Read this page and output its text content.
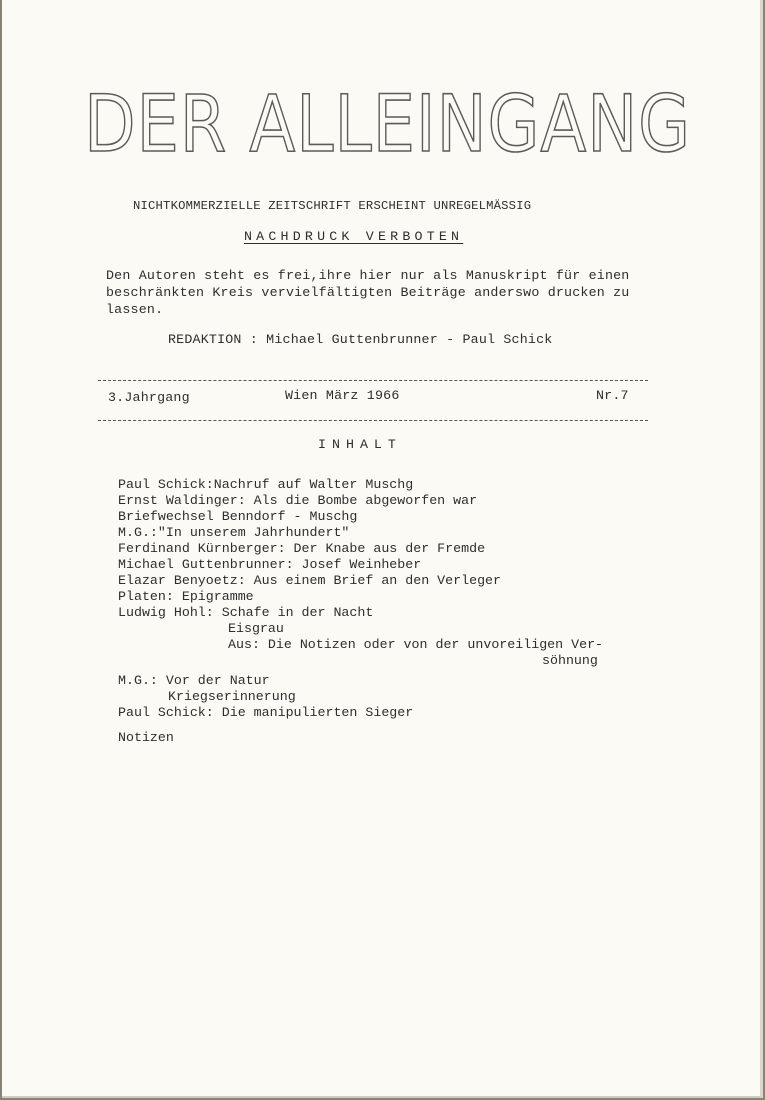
DER ALLEINGANG
NICHTKOMMERZIELLE ZEITSCHRIFT ERSCHEINT UNREGELMÄSSIG
NACHDRUCK VERBOTEN
Den Autoren steht es frei,ihre hier nur als Manuskript für einen
beschränkten Kreis vervielfältigten Beiträge anderswo drucken zu
lassen.
REDAKTION : Michael Guttenbrunner - Paul Schick
3.Jahrgang	Wien März 1966	Nr.7
INHALT
Paul Schick:Nachruf auf Walter Muschg
Ernst Waldinger: Als die Bombe abgeworfen war
Briefwechsel Benndorf - Muschg
M.G.:"In unserem Jahrhundert"
Ferdinand Kürnberger: Der Knabe aus der Fremde
Michael Guttenbrunner: Josef Weinheber
Elazar Benyoetz: Aus einem Brief an den Verleger
Platen: Epigramme
Ludwig Hohl: Schafe in der Nacht
Eisgrau
Aus: Die Notizen oder von der unvoreiligen Ver-
söhnung
M.G.: Vor der Natur
Kriegserinnerung
Paul Schick: Die manipulierten Sieger
Notizen
